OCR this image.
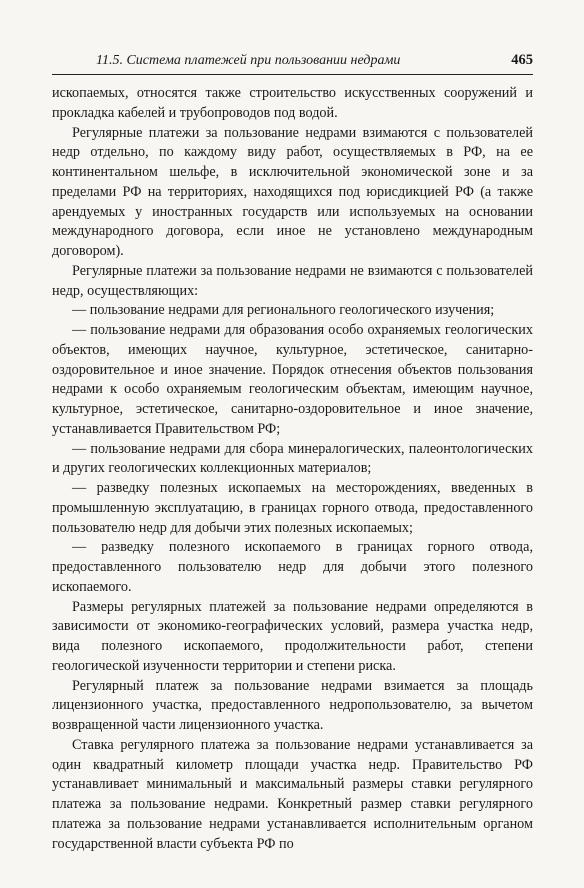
11.5. Система платежей при пользовании недрами	465

ископаемых, относятся также строительство искусственных сооружений и прокладка кабелей и трубопроводов под водой.

Регулярные платежи за пользование недрами взимаются с пользователей недр отдельно, по каждому виду работ, осуществляемых в РФ, на ее континентальном шельфе, в исключительной экономической зоне и за пределами РФ на территориях, находящихся под юрисдикцией РФ (а также арендуемых у иностранных государств или используемых на основании международного договора, если иное не установлено международным договором).

Регулярные платежи за пользование недрами не взимаются с пользователей недр, осуществляющих:

— пользование недрами для регионального геологического изучения;

— пользование недрами для образования особо охраняемых геологических объектов, имеющих научное, культурное, эстетическое, санитарно-оздоровительное и иное значение. Порядок отнесения объектов пользования недрами к особо охраняемым геологическим объектам, имеющим научное, культурное, эстетическое, санитарно-оздоровительное и иное значение, устанавливается Правительством РФ;

— пользование недрами для сбора минералогических, палеонтологических и других геологических коллекционных материалов;

— разведку полезных ископаемых на месторождениях, введенных в промышленную эксплуатацию, в границах горного отвода, предоставленного пользователю недр для добычи этих полезных ископаемых;

— разведку полезного ископаемого в границах горного отвода, предоставленного пользователю недр для добычи этого полезного ископаемого.

Размеры регулярных платежей за пользование недрами определяются в зависимости от экономико-географических условий, размера участка недр, вида полезного ископаемого, продолжительности работ, степени геологической изученности территории и степени риска.

Регулярный платеж за пользование недрами взимается за площадь лицензионного участка, предоставленного недропользователю, за вычетом возвращенной части лицензионного участка.

Ставка регулярного платежа за пользование недрами устанавливается за один квадратный километр площади участка недр. Правительство РФ устанавливает минимальный и максимальный размеры ставки регулярного платежа за пользование недрами. Конкретный размер ставки регулярного платежа за пользование недрами устанавливается исполнительным органом государственной власти субъекта РФ по
